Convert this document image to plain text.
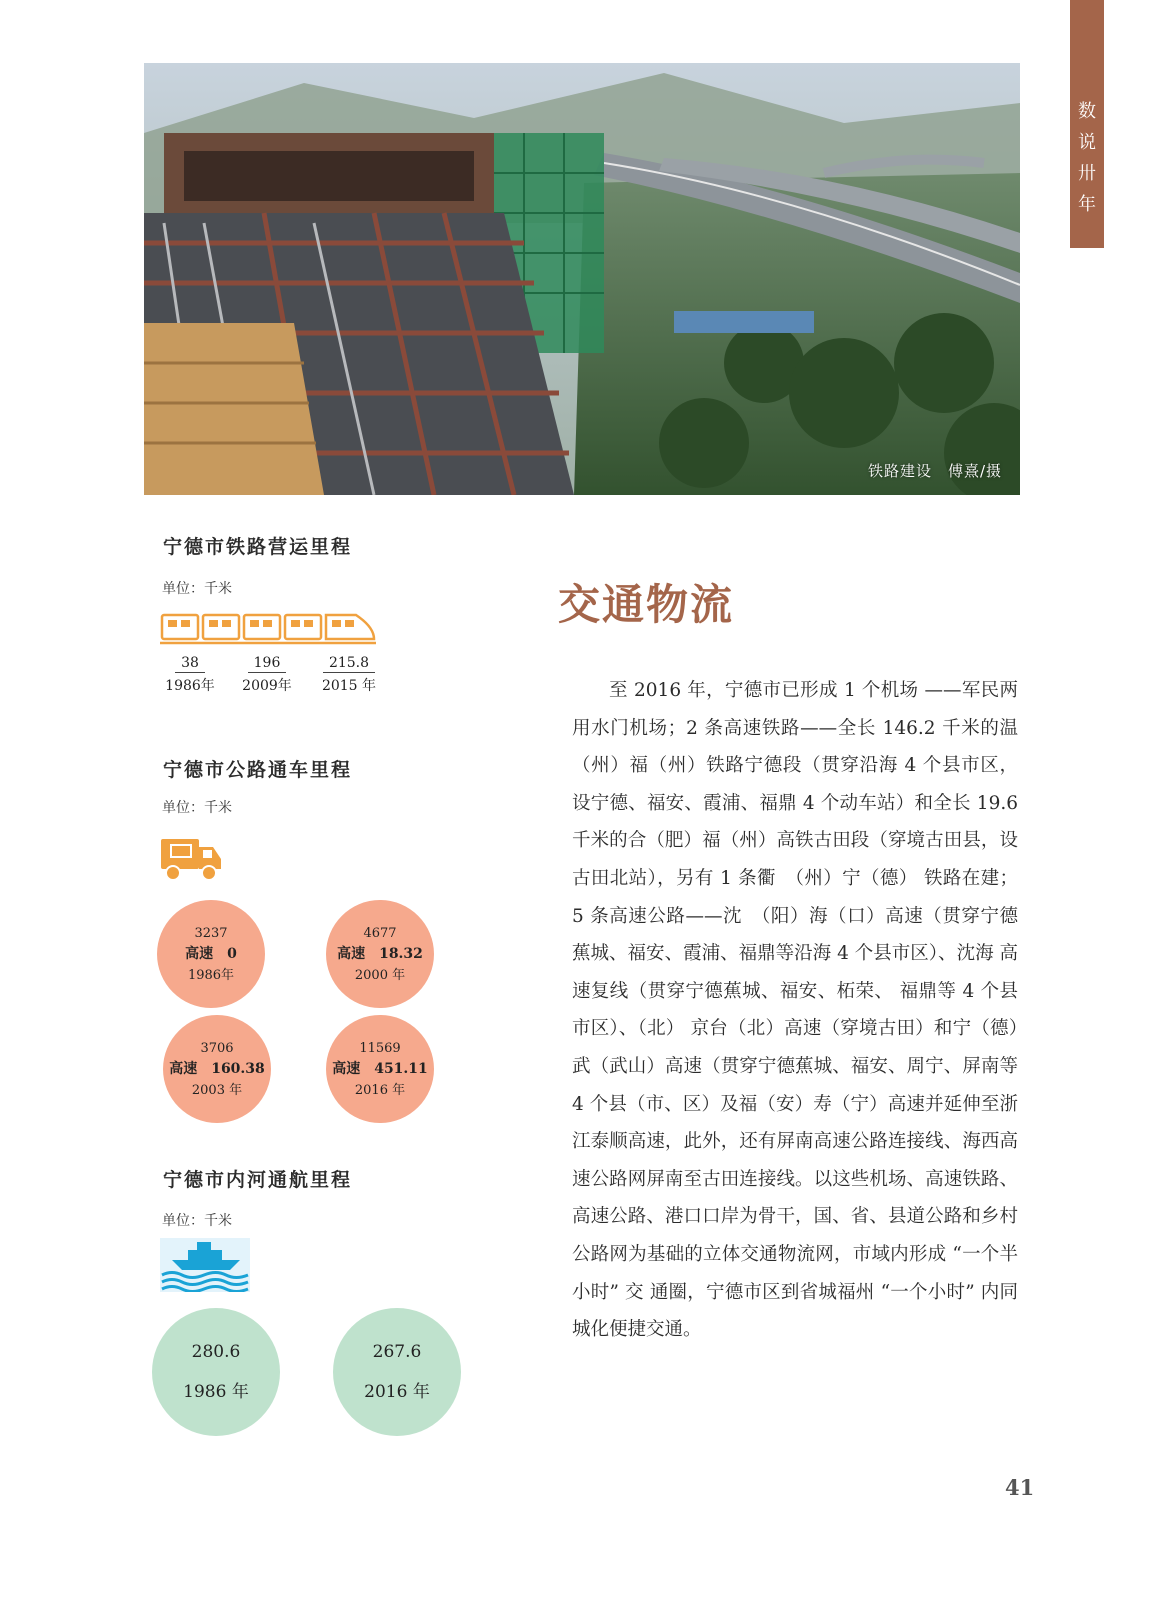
数
说
卅
年
铁路建设　傅熹/摄
宁德市铁路营运里程
单位：千米
38
1986年
196
2009年
215.8
2015 年
宁德市公路通车里程
单位：千米
3237
高速　0
1986年
4677
高速　18.32
2000 年
3706
高速　160.38
2003 年
11569
高速　451.11
2016 年
宁德市内河通航里程
单位：千米
280.6
1986 年
267.6
2016 年
交通物流
至 2016 年，宁德市已形成 1 个机场 ——军民两用水门机场；2 条高速铁路——全长 146.2 千米的温（州）福（州）铁路宁德段（贯穿沿海 4 个县市区，设宁德、福安、霞浦、福鼎 4 个动车站）和全长 19.6 千米的合（肥）福（州）高铁古田段（穿境古田县，设古田北站），另有 1 条衢　（州）宁（德） 铁路在建；5 条高速公路——沈　（阳）海（口）高速（贯穿宁德蕉城、福安、霞浦、福鼎等沿海 4 个县市区）、沈海 高速复线（贯穿宁德蕉城、福安、柘荣、 福鼎等 4 个县市区）、（北） 京台（北）高速（穿境古田）和宁（德）武（武山）高速（贯穿宁德蕉城、福安、周宁、屏南等 4 个县（市、区）及福（安）寿（宁）高速并延伸至浙江泰顺高速，此外，还有屏南高速公路连接线、海西高速公路网屏南至古田连接线。以这些机场、高速铁路、高速公路、港口口岸为骨干，国、省、县道公路和乡村公路网为基础的立体交通物流网，市域内形成 “一个半小时” 交 通圈，宁德市区到省城福州 “一个小时” 内同城化便捷交通。
41
